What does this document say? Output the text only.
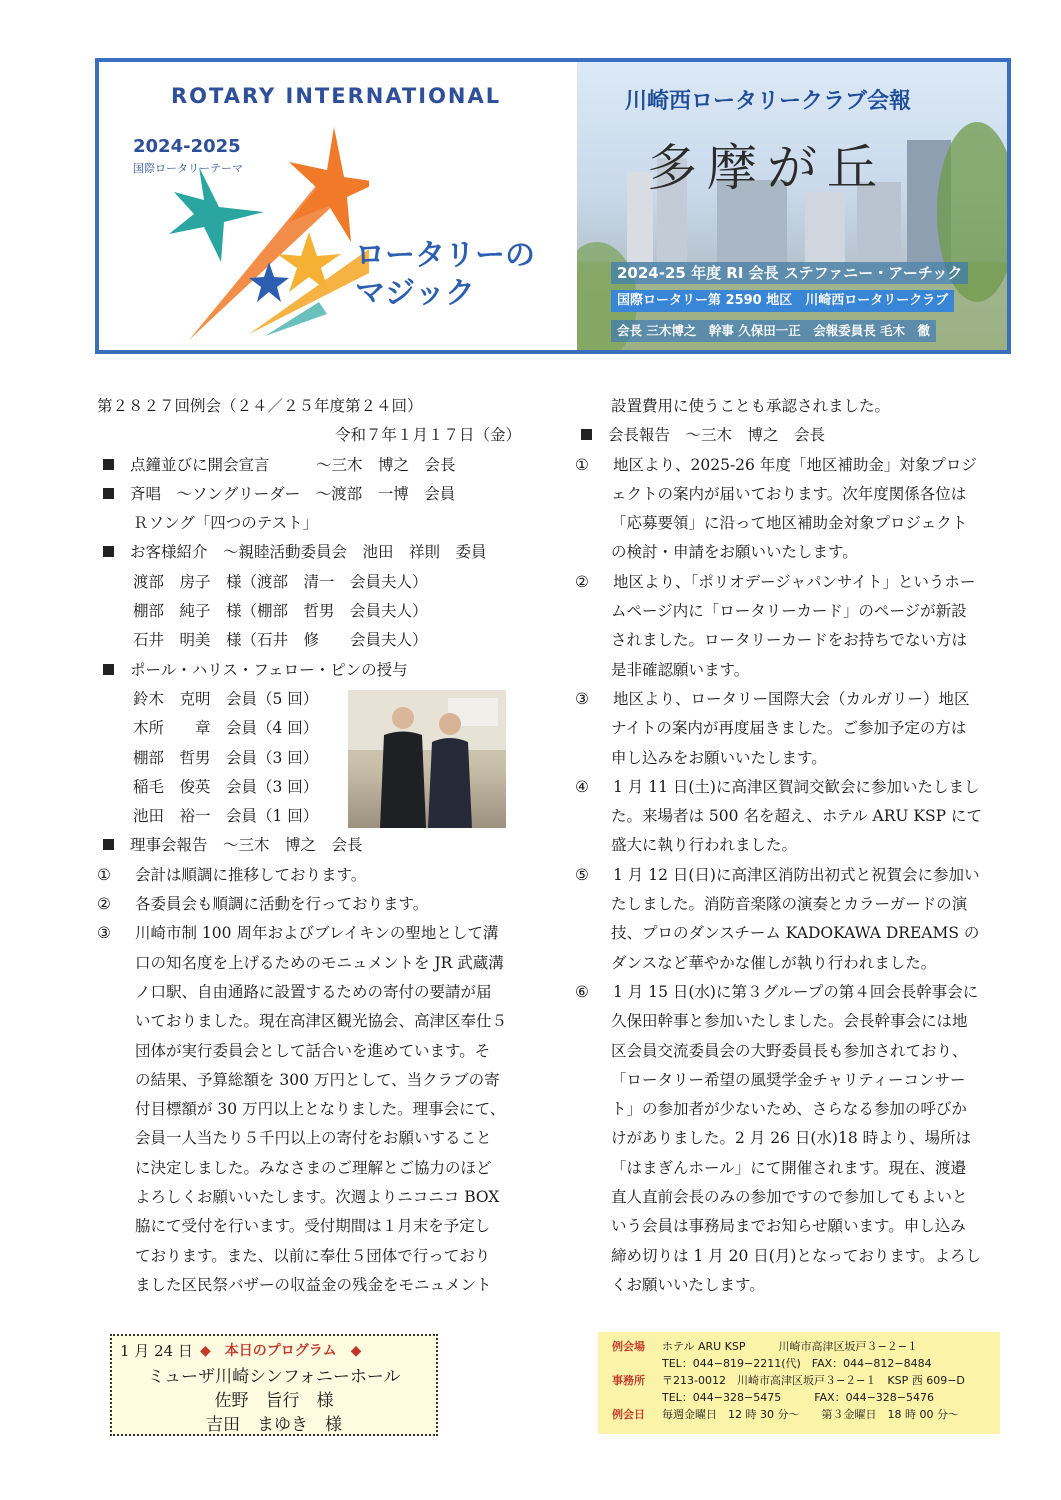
ROTARY INTERNATIONAL
2024-2025
国際ロータリーテーマ
ロータリーの
マジック
川崎西ロータリークラブ会報
多摩が丘
2024-25 年度 RI 会長 ステファニー・アーチック
国際ロータリー第 2590 地区　川崎西ロータリークラブ
会長 三木博之　幹事 久保田一正　会報委員長 毛木　徹
第２８２７回例会（２４／２５年度第２４回）
令和７年１月１７日（金）
点鐘並びに開会宣言　　　～三木　博之　会長
斉唱　～ソングリーダー　～渡部　一博　会員
Ｒソング「四つのテスト」
お客様紹介　～親睦活動委員会　池田　祥則　委員
渡部　房子　様（渡部　清一　会員夫人）
棚部　純子　様（棚部　哲男　会員夫人）
石井　明美　様（石井　修　　会員夫人）
ポール・ハリス・フェロー・ピンの授与
鈴木　克明　会員（5 回）
木所　　章　会員（4 回）
棚部　哲男　会員（3 回）
稲毛　俊英　会員（3 回）
池田　裕一　会員（1 回）
理事会報告　～三木　博之　会長
① 会計は順調に推移しております。
② 各委員会も順調に活動を行っております。
③ 川崎市制 100 周年およびブレイキンの聖地として溝
口の知名度を上げるためのモニュメントを JR 武蔵溝
ノ口駅、自由通路に設置するための寄付の要請が届
いておりました。現在高津区観光協会、高津区奉仕５
団体が実行委員会として話合いを進めています。そ
の結果、予算総額を 300 万円として、当クラブの寄
付目標額が 30 万円以上となりました。理事会にて、
会員一人当たり５千円以上の寄付をお願いすること
に決定しました。みなさまのご理解とご協力のほど
よろしくお願いいたします。次週よりニコニコ BOX
脇にて受付を行います。受付期間は１月末を予定し
ております。また、以前に奉仕５団体で行っており
ました区民祭バザーの収益金の残金をモニュメント
設置費用に使うことも承認されました。
会長報告　～三木　博之　会長
① 地区より、2025-26 年度「地区補助金」対象プロジ
ェクトの案内が届いております。次年度関係各位は
「応募要領」に沿って地区補助金対象プロジェクト
の検討・申請をお願いいたします。
② 地区より、「ポリオデージャパンサイト」というホー
ムページ内に「ロータリーカード」のページが新設
されました。ロータリーカードをお持ちでない方は
是非確認願います。
③ 地区より、ロータリー国際大会（カルガリー）地区
ナイトの案内が再度届きました。ご参加予定の方は
申し込みをお願いいたします。
④ 1 月 11 日(土)に高津区賀詞交歓会に参加いたしまし
た。来場者は 500 名を超え、ホテル ARU KSP にて
盛大に執り行われました。
⑤ 1 月 12 日(日)に高津区消防出初式と祝賀会に参加い
たしました。消防音楽隊の演奏とカラーガードの演
技、プロのダンスチーム KADOKAWA DREAMS の
ダンスなど華やかな催しが執り行われました。
⑥ 1 月 15 日(水)に第３グループの第４回会長幹事会に
久保田幹事と参加いたしました。会長幹事会には地
区会員交流委員会の大野委員長も参加されており、
「ロータリー希望の風奨学金チャリティーコンサー
ト」の参加者が少ないため、さらなる参加の呼びか
けがありました。2 月 26 日(水)18 時より、場所は
「はまぎんホール」にて開催されます。現在、渡邉
直人直前会長のみの参加ですので参加してもよいと
いう会員は事務局までお知らせ願います。申し込み
締め切りは 1 月 20 日(月)となっております。よろし
くお願いいたします。
1 月 24 日 ◆　本日のプログラム　◆
ミューザ川崎シンフォニーホール
佐野　旨行　様
吉田　まゆき　様
例会場 ホテル ARU KSP　　　川崎市高津区坂戸３−２−１
TEL：044−819−2211(代)　FAX：044−812−8484
事務所 〒213-0012　川崎市高津区坂戸３−２−１　KSP 西 609−D
TEL：044−328−5475　　　FAX：044−328−5476
例会日 毎週金曜日　12 時 30 分〜　　第３金曜日　18 時 00 分〜
